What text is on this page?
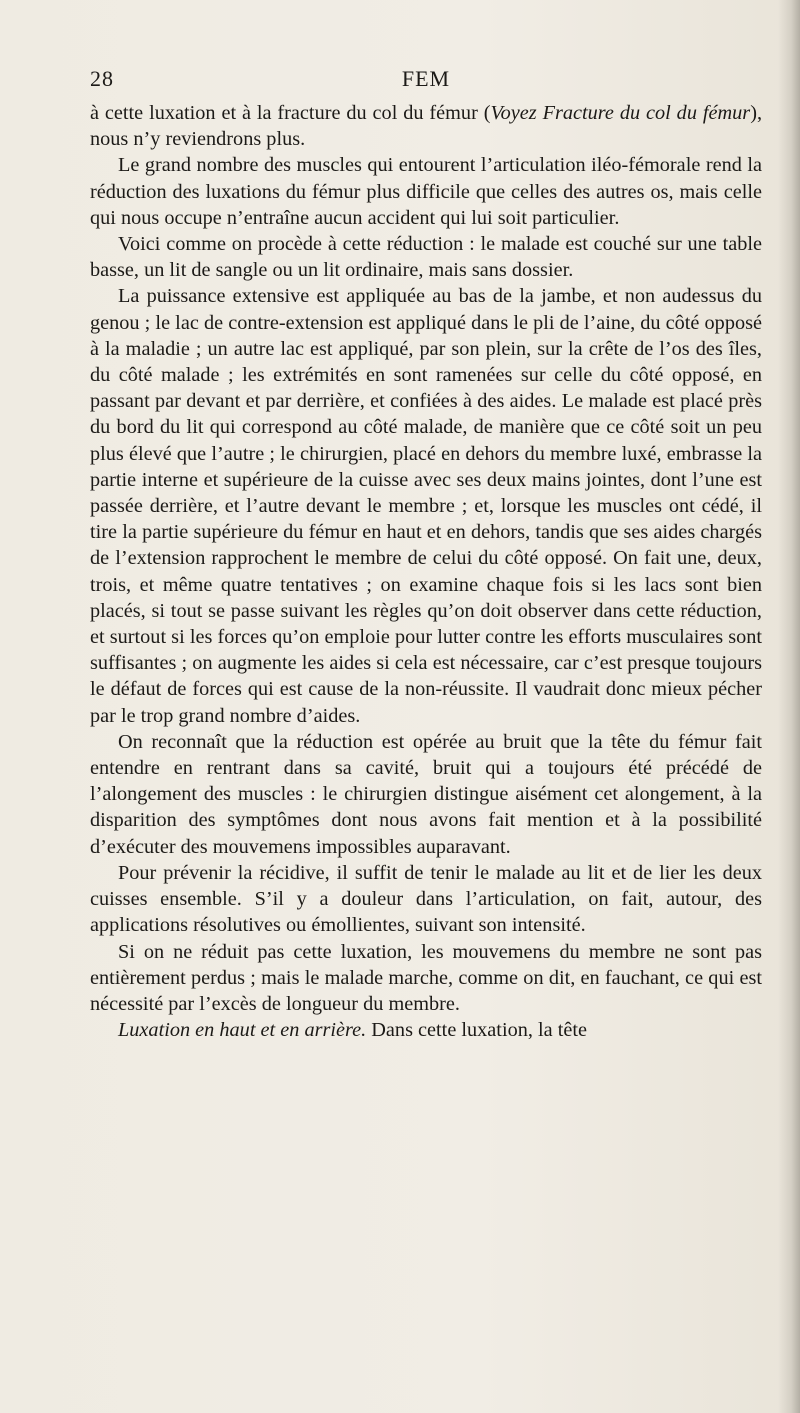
28	FEM

à cette luxation et à la fracture du col du fémur (Voyez Fracture du col du fémur), nous n’y reviendrons plus.

Le grand nombre des muscles qui entourent l’articulation iléo-fémorale rend la réduction des luxations du fémur plus difficile que celles des autres os, mais celle qui nous occupe n’entraîne aucun accident qui lui soit particulier.

Voici comme on procède à cette réduction : le malade est couché sur une table basse, un lit de sangle ou un lit ordinaire, mais sans dossier.

La puissance extensive est appliquée au bas de la jambe, et non audessus du genou ; le lac de contre-extension est appliqué dans le pli de l’aine, du côté opposé à la maladie ; un autre lac est appliqué, par son plein, sur la crête de l’os des îles, du côté malade ; les extrémités en sont ramenées sur celle du côté opposé, en passant par devant et par derrière, et confiées à des aides. Le malade est placé près du bord du lit qui correspond au côté malade, de manière que ce côté soit un peu plus élevé que l’autre ; le chirurgien, placé en dehors du membre luxé, embrasse la partie interne et supérieure de la cuisse avec ses deux mains jointes, dont l’une est passée derrière, et l’autre devant le membre ; et, lorsque les muscles ont cédé, il tire la partie supérieure du fémur en haut et en dehors, tandis que ses aides chargés de l’extension rapprochent le membre de celui du côté opposé. On fait une, deux, trois, et même quatre tentatives ; on examine chaque fois si les lacs sont bien placés, si tout se passe suivant les règles qu’on doit observer dans cette réduction, et surtout si les forces qu’on emploie pour lutter contre les efforts musculaires sont suffisantes ; on augmente les aides si cela est nécessaire, car c’est presque toujours le défaut de forces qui est cause de la non-réussite. Il vaudrait donc mieux pécher par le trop grand nombre d’aides.

On reconnaît que la réduction est opérée au bruit que la tête du fémur fait entendre en rentrant dans sa cavité, bruit qui a toujours été précédé de l’alongement des muscles : le chirurgien distingue aisément cet alongement, à la disparition des symptômes dont nous avons fait mention et à la possibilité d’exécuter des mouvemens impossibles auparavant.

Pour prévenir la récidive, il suffit de tenir le malade au lit et de lier les deux cuisses ensemble. S’il y a douleur dans l’articulation, on fait, autour, des applications résolutives ou émollientes, suivant son intensité.

Si on ne réduit pas cette luxation, les mouvemens du membre ne sont pas entièrement perdus ; mais le malade marche, comme on dit, en fauchant, ce qui est nécessité par l’excès de longueur du membre.

Luxation en haut et en arrière. Dans cette luxation, la tête
